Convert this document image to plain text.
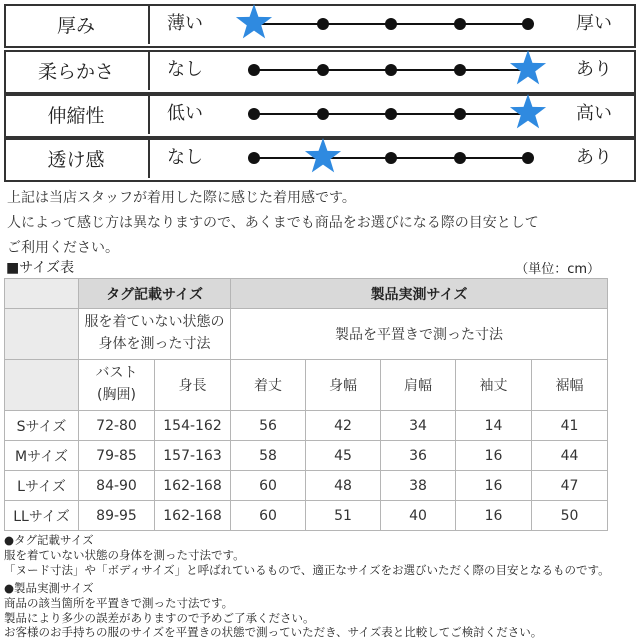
厚み	薄い	厚い
柔らかさ	なし	あり
伸縮性	低い	高い
透け感	なし	あり
上記は当店スタッフが着用した際に感じた着用感です。
人によって感じ方は異なりますので、あくまでも商品をお選びになる際の目安として
ご利用ください。
■サイズ表	（単位：cm）
	タグ記載サイズ		製品実測サイズ				
	服を着ていない状態の
身体を測った寸法		製品を平置きで測った寸法				
	バスト
(胸囲)	身長	着丈	身幅	肩幅	袖丈	裾幅
Sサイズ	72-80	154-162	56	42	34	14	41
Mサイズ	79-85	157-163	58	45	36	16	44
Lサイズ	84-90	162-168	60	48	38	16	47
LLサイズ	89-95	162-168	60	51	40	16	50
●タグ記載サイズ
服を着ていない状態の身体を測った寸法です。
「ヌード寸法」や「ボディサイズ」と呼ばれているもので、適正なサイズをお選びいただく際の目安となるものです。
●製品実測サイズ
商品の該当箇所を平置きで測った寸法です。
製品により多少の誤差がありますので予めご了承ください。
お客様のお手持ちの服のサイズを平置きの状態で測っていただき、サイズ表と比較してご検討ください。
